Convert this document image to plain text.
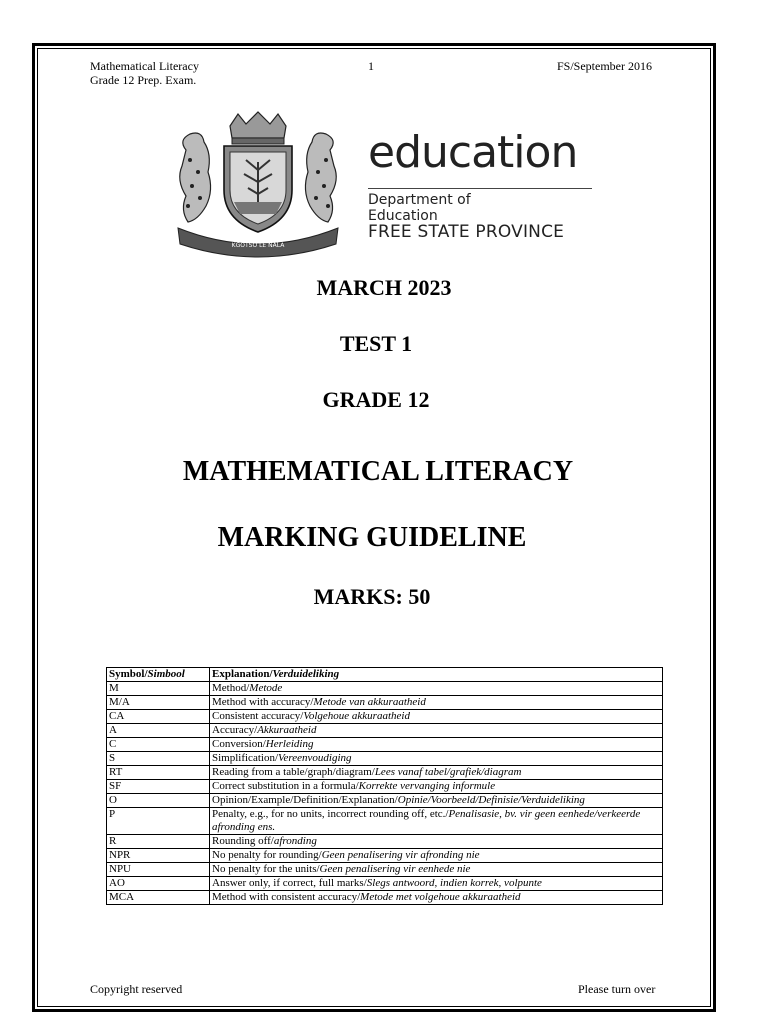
Mathematical Literacy
Grade 12 Prep. Exam.
1	FS/September 2016
KGOTSO LE NALA
education
Department of
Education
FREE STATE PROVINCE
MARCH 2023
TEST 1
GRADE 12
MATHEMATICAL LITERACY
MARKING GUIDELINE
MARKS: 50
Symbol/Simbool	Explanation/Verduideliking
M	Method/Metode
M/A	Method with accuracy/Metode van akkuraatheid
CA	Consistent accuracy/Volgehoue akkuraatheid
A	Accuracy/Akkuraatheid
C	Conversion/Herleiding
S	Simplification/Vereenvoudiging
RT	Reading from a table/graph/diagram/Lees vanaf tabel/grafiek/diagram
SF	Correct substitution in a formula/Korrekte vervanging informule
O	Opinion/Example/Definition/Explanation/Opinie/Voorbeeld/Definisie/Verduideliking
P	Penalty, e.g., for no units, incorrect rounding off, etc./Penalisasie, bv. vir geen eenhede/verkeerde afronding ens.
R	Rounding off/afronding
NPR	No penalty for rounding/Geen penalisering vir afronding nie
NPU	No penalty for the units/Geen penalisering vir eenhede nie
AO	Answer only, if correct, full marks/Slegs antwoord, indien korrek, volpunte
MCA	Method with consistent accuracy/Metode met volgehoue akkuraatheid
Copyright reserved	Please turn over
